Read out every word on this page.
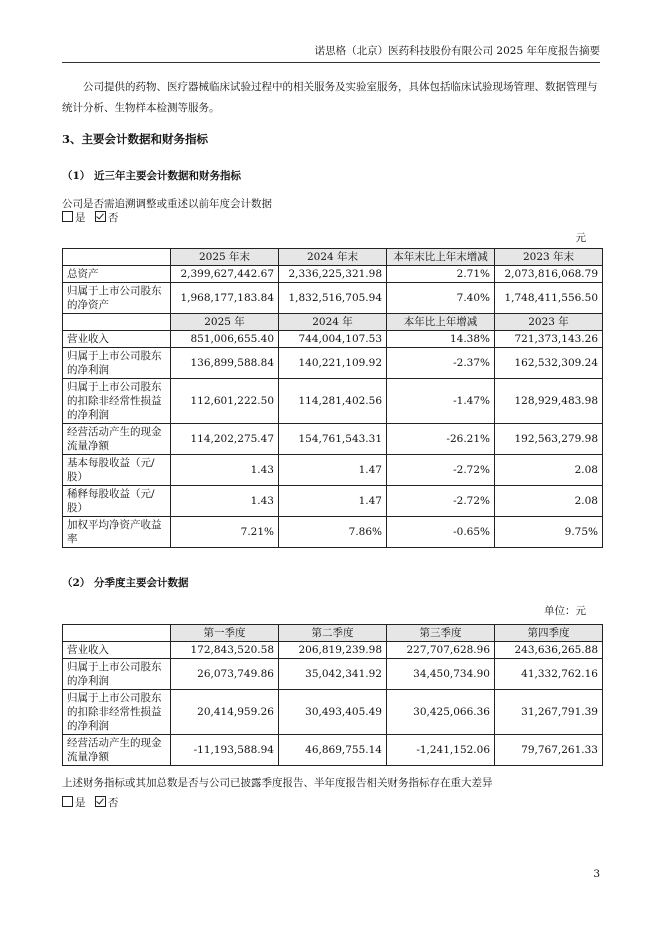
诺思格（北京）医药科技股份有限公司 2025 年年度报告摘要
公司提供的药物、医疗器械临床试验过程中的相关服务及实验室服务，具体包括临床试验现场管理、数据管理与统计分析、生物样本检测等服务。
3、主要会计数据和财务指标
（1） 近三年主要会计数据和财务指标
公司是否需追溯调整或重述以前年度会计数据
是 否
元
	2025 年末	2024 年末	本年末比上年末增减	2023 年末
总资产	2,399,627,442.67	2,336,225,321.98	2.71%	2,073,816,068.79
归属于上市公司股东的净资产	1,968,177,183.84	1,832,516,705.94	7.40%	1,748,411,556.50
	2025 年	2024 年	本年比上年增减	2023 年
营业收入	851,006,655.40	744,004,107.53	14.38%	721,373,143.26
归属于上市公司股东的净利润	136,899,588.84	140,221,109.92	-2.37%	162,532,309.24
归属于上市公司股东的扣除非经常性损益的净利润	112,601,222.50	114,281,402.56	-1.47%	128,929,483.98
经营活动产生的现金流量净额	114,202,275.47	154,761,543.31	-26.21%	192,563,279.98
基本每股收益（元/股）	1.43	1.47	-2.72%	2.08
稀释每股收益（元/股）	1.43	1.47	-2.72%	2.08
加权平均净资产收益率	7.21%	7.86%	-0.65%	9.75%
（2） 分季度主要会计数据
单位：元
	第一季度	第二季度	第三季度	第四季度
营业收入	172,843,520.58	206,819,239.98	227,707,628.96	243,636,265.88
归属于上市公司股东的净利润	26,073,749.86	35,042,341.92	34,450,734.90	41,332,762.16
归属于上市公司股东的扣除非经常性损益的净利润	20,414,959.26	30,493,405.49	30,425,066.36	31,267,791.39
经营活动产生的现金流量净额	-11,193,588.94	46,869,755.14	-1,241,152.06	79,767,261.33
上述财务指标或其加总数是否与公司已披露季度报告、半年度报告相关财务指标存在重大差异
是 否
3
